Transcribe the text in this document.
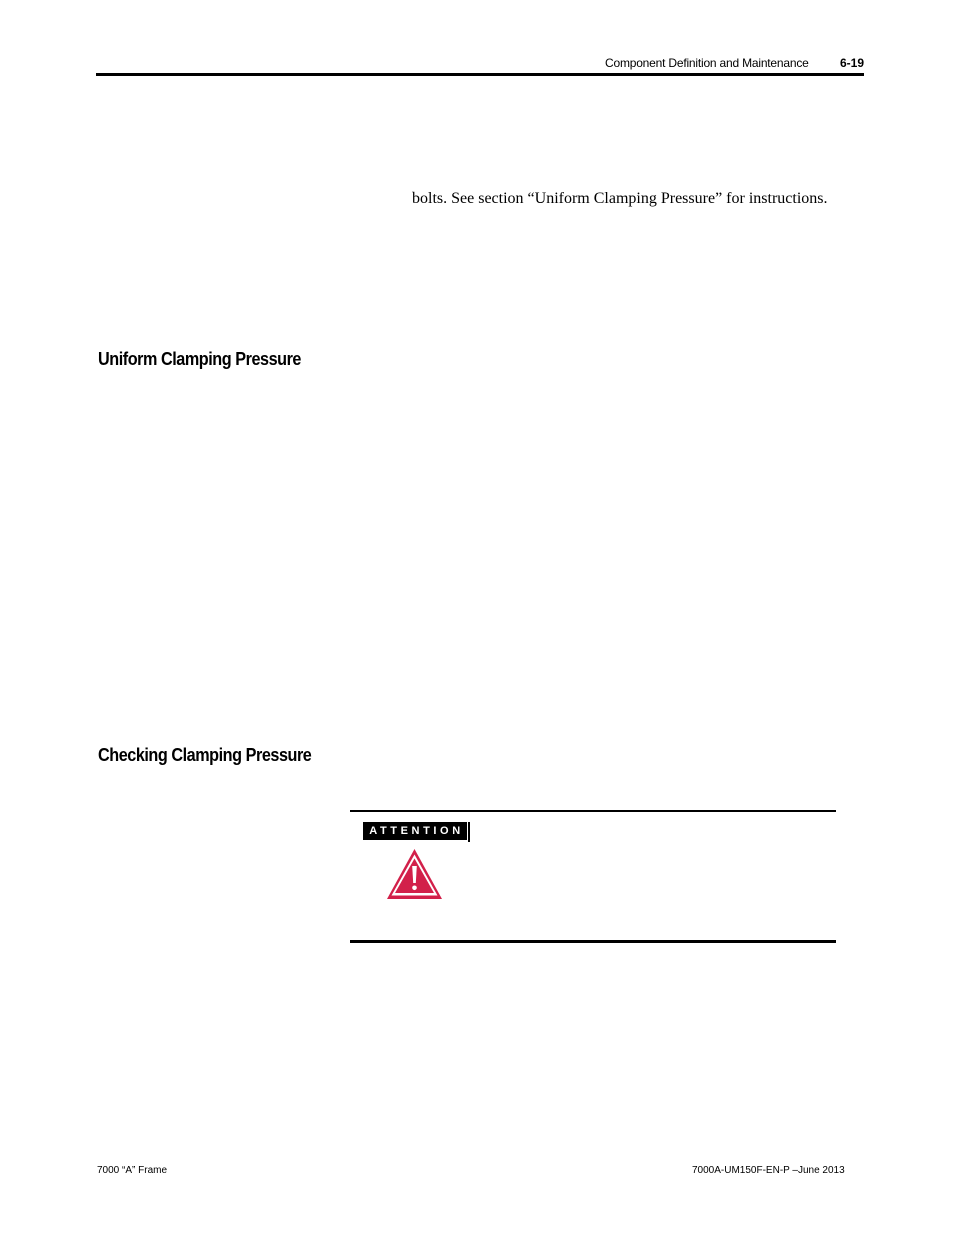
Component Definition and Maintenance	6-19
bolts. See section “Uniform Clamping Pressure” for instructions.
Uniform Clamping Pressure
Checking Clamping Pressure
ATTENTION
7000 “A” Frame	7000A-UM150F-EN-P –June 2013
